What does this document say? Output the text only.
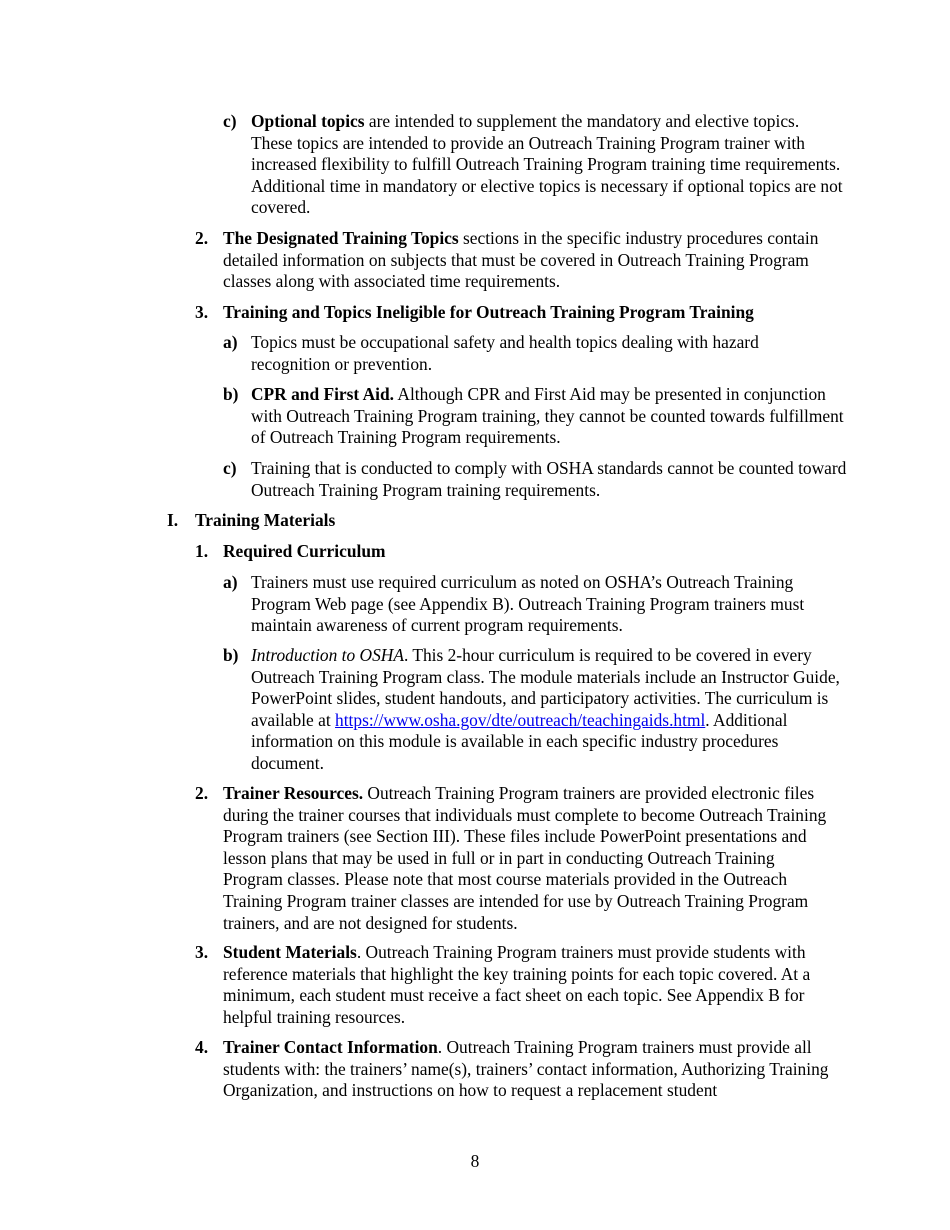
c) Optional topics are intended to supplement the mandatory and elective topics. These topics are intended to provide an Outreach Training Program trainer with increased flexibility to fulfill Outreach Training Program training time requirements. Additional time in mandatory or elective topics is necessary if optional topics are not covered.

2. The Designated Training Topics sections in the specific industry procedures contain detailed information on subjects that must be covered in Outreach Training Program classes along with associated time requirements.

3. Training and Topics Ineligible for Outreach Training Program Training

a) Topics must be occupational safety and health topics dealing with hazard recognition or prevention.

b) CPR and First Aid. Although CPR and First Aid may be presented in conjunction with Outreach Training Program training, they cannot be counted towards fulfillment of Outreach Training Program requirements.

c) Training that is conducted to comply with OSHA standards cannot be counted toward Outreach Training Program training requirements.

I. Training Materials

1. Required Curriculum

a) Trainers must use required curriculum as noted on OSHA’s Outreach Training Program Web page (see Appendix B). Outreach Training Program trainers must maintain awareness of current program requirements.

b) Introduction to OSHA. This 2-hour curriculum is required to be covered in every Outreach Training Program class. The module materials include an Instructor Guide, PowerPoint slides, student handouts, and participatory activities. The curriculum is available at https://www.osha.gov/dte/outreach/teachingaids.html. Additional information on this module is available in each specific industry procedures document.

2. Trainer Resources. Outreach Training Program trainers are provided electronic files during the trainer courses that individuals must complete to become Outreach Training Program trainers (see Section III). These files include PowerPoint presentations and lesson plans that may be used in full or in part in conducting Outreach Training Program classes. Please note that most course materials provided in the Outreach Training Program trainer classes are intended for use by Outreach Training Program trainers, and are not designed for students.

3. Student Materials. Outreach Training Program trainers must provide students with reference materials that highlight the key training points for each topic covered. At a minimum, each student must receive a fact sheet on each topic. See Appendix B for helpful training resources.

4. Trainer Contact Information. Outreach Training Program trainers must provide all students with: the trainers’ name(s), trainers’ contact information, Authorizing Training Organization, and instructions on how to request a replacement student

8
